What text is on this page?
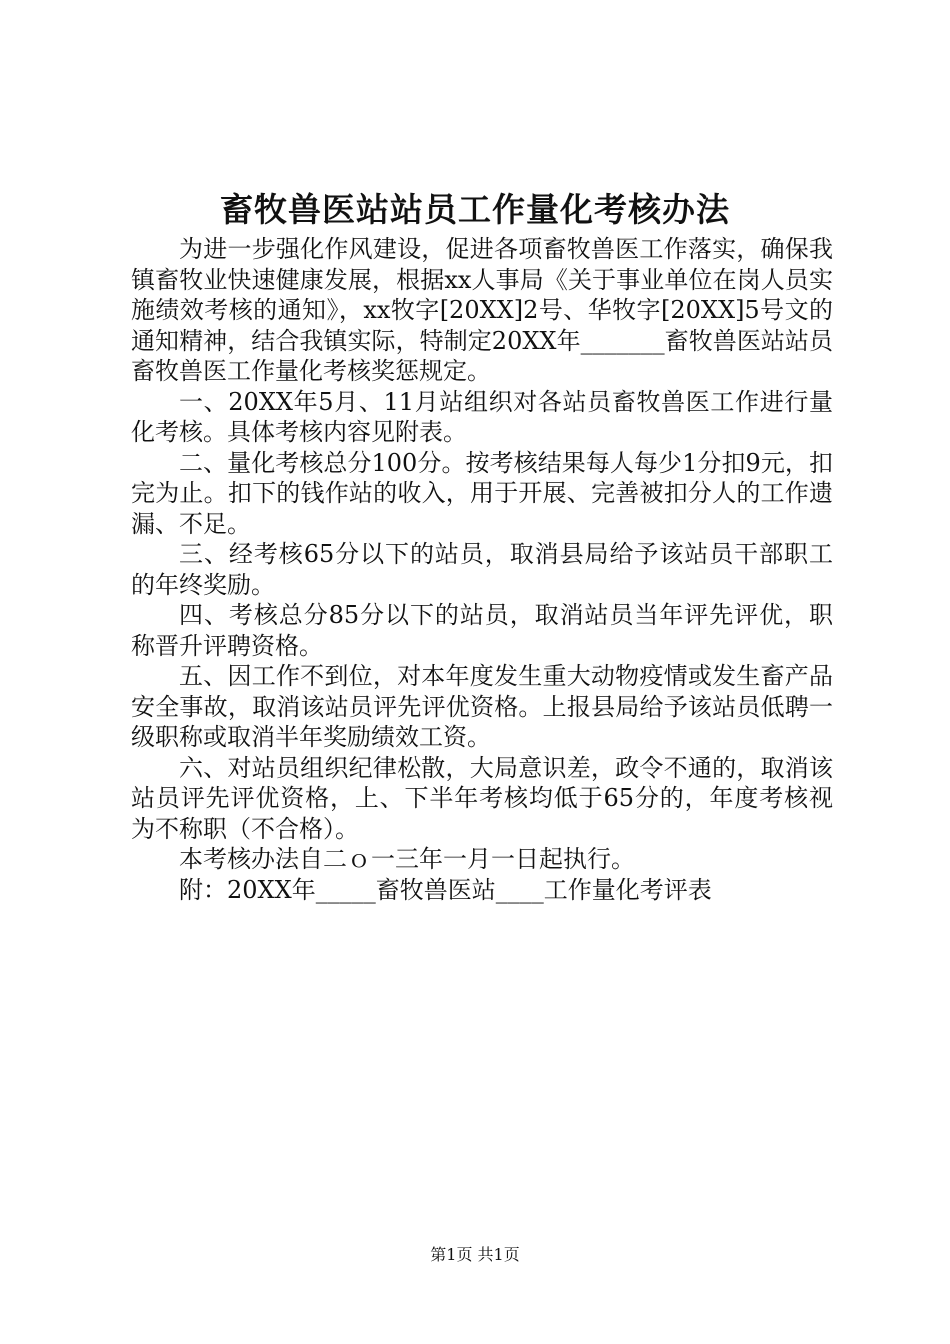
畜牧兽医站站员工作量化考核办法

为进一步强化作风建设，促进各项畜牧兽医工作落实，确保我镇畜牧业快速健康发展，根据xx人事局《关于事业单位在岗人员实施绩效考核的通知》，xx牧字[20XX]2号、华牧字[20XX]5号文的通知精神，结合我镇实际，特制定20XX年_______畜牧兽医站站员畜牧兽医工作量化考核奖惩规定。

一、20XX年5月、11月站组织对各站员畜牧兽医工作进行量化考核。具体考核内容见附表。

二、量化考核总分100分。按考核结果每人每少1分扣9元，扣完为止。扣下的钱作站的收入，用于开展、完善被扣分人的工作遗漏、不足。

三、经考核65分以下的站员，取消县局给予该站员干部职工的年终奖励。

四、考核总分85分以下的站员，取消站员当年评先评优，职称晋升评聘资格。

五、因工作不到位，对本年度发生重大动物疫情或发生畜产品安全事故，取消该站员评先评优资格。上报县局给予该站员低聘一级职称或取消半年奖励绩效工资。

六、对站员组织纪律松散，大局意识差，政令不通的，取消该站员评先评优资格，上、下半年考核均低于65分的，年度考核视为不称职（不合格）。

本考核办法自二ｏ一三年一月一日起执行。

附：20XX年_____畜牧兽医站____工作量化考评表

第1页 共1页
